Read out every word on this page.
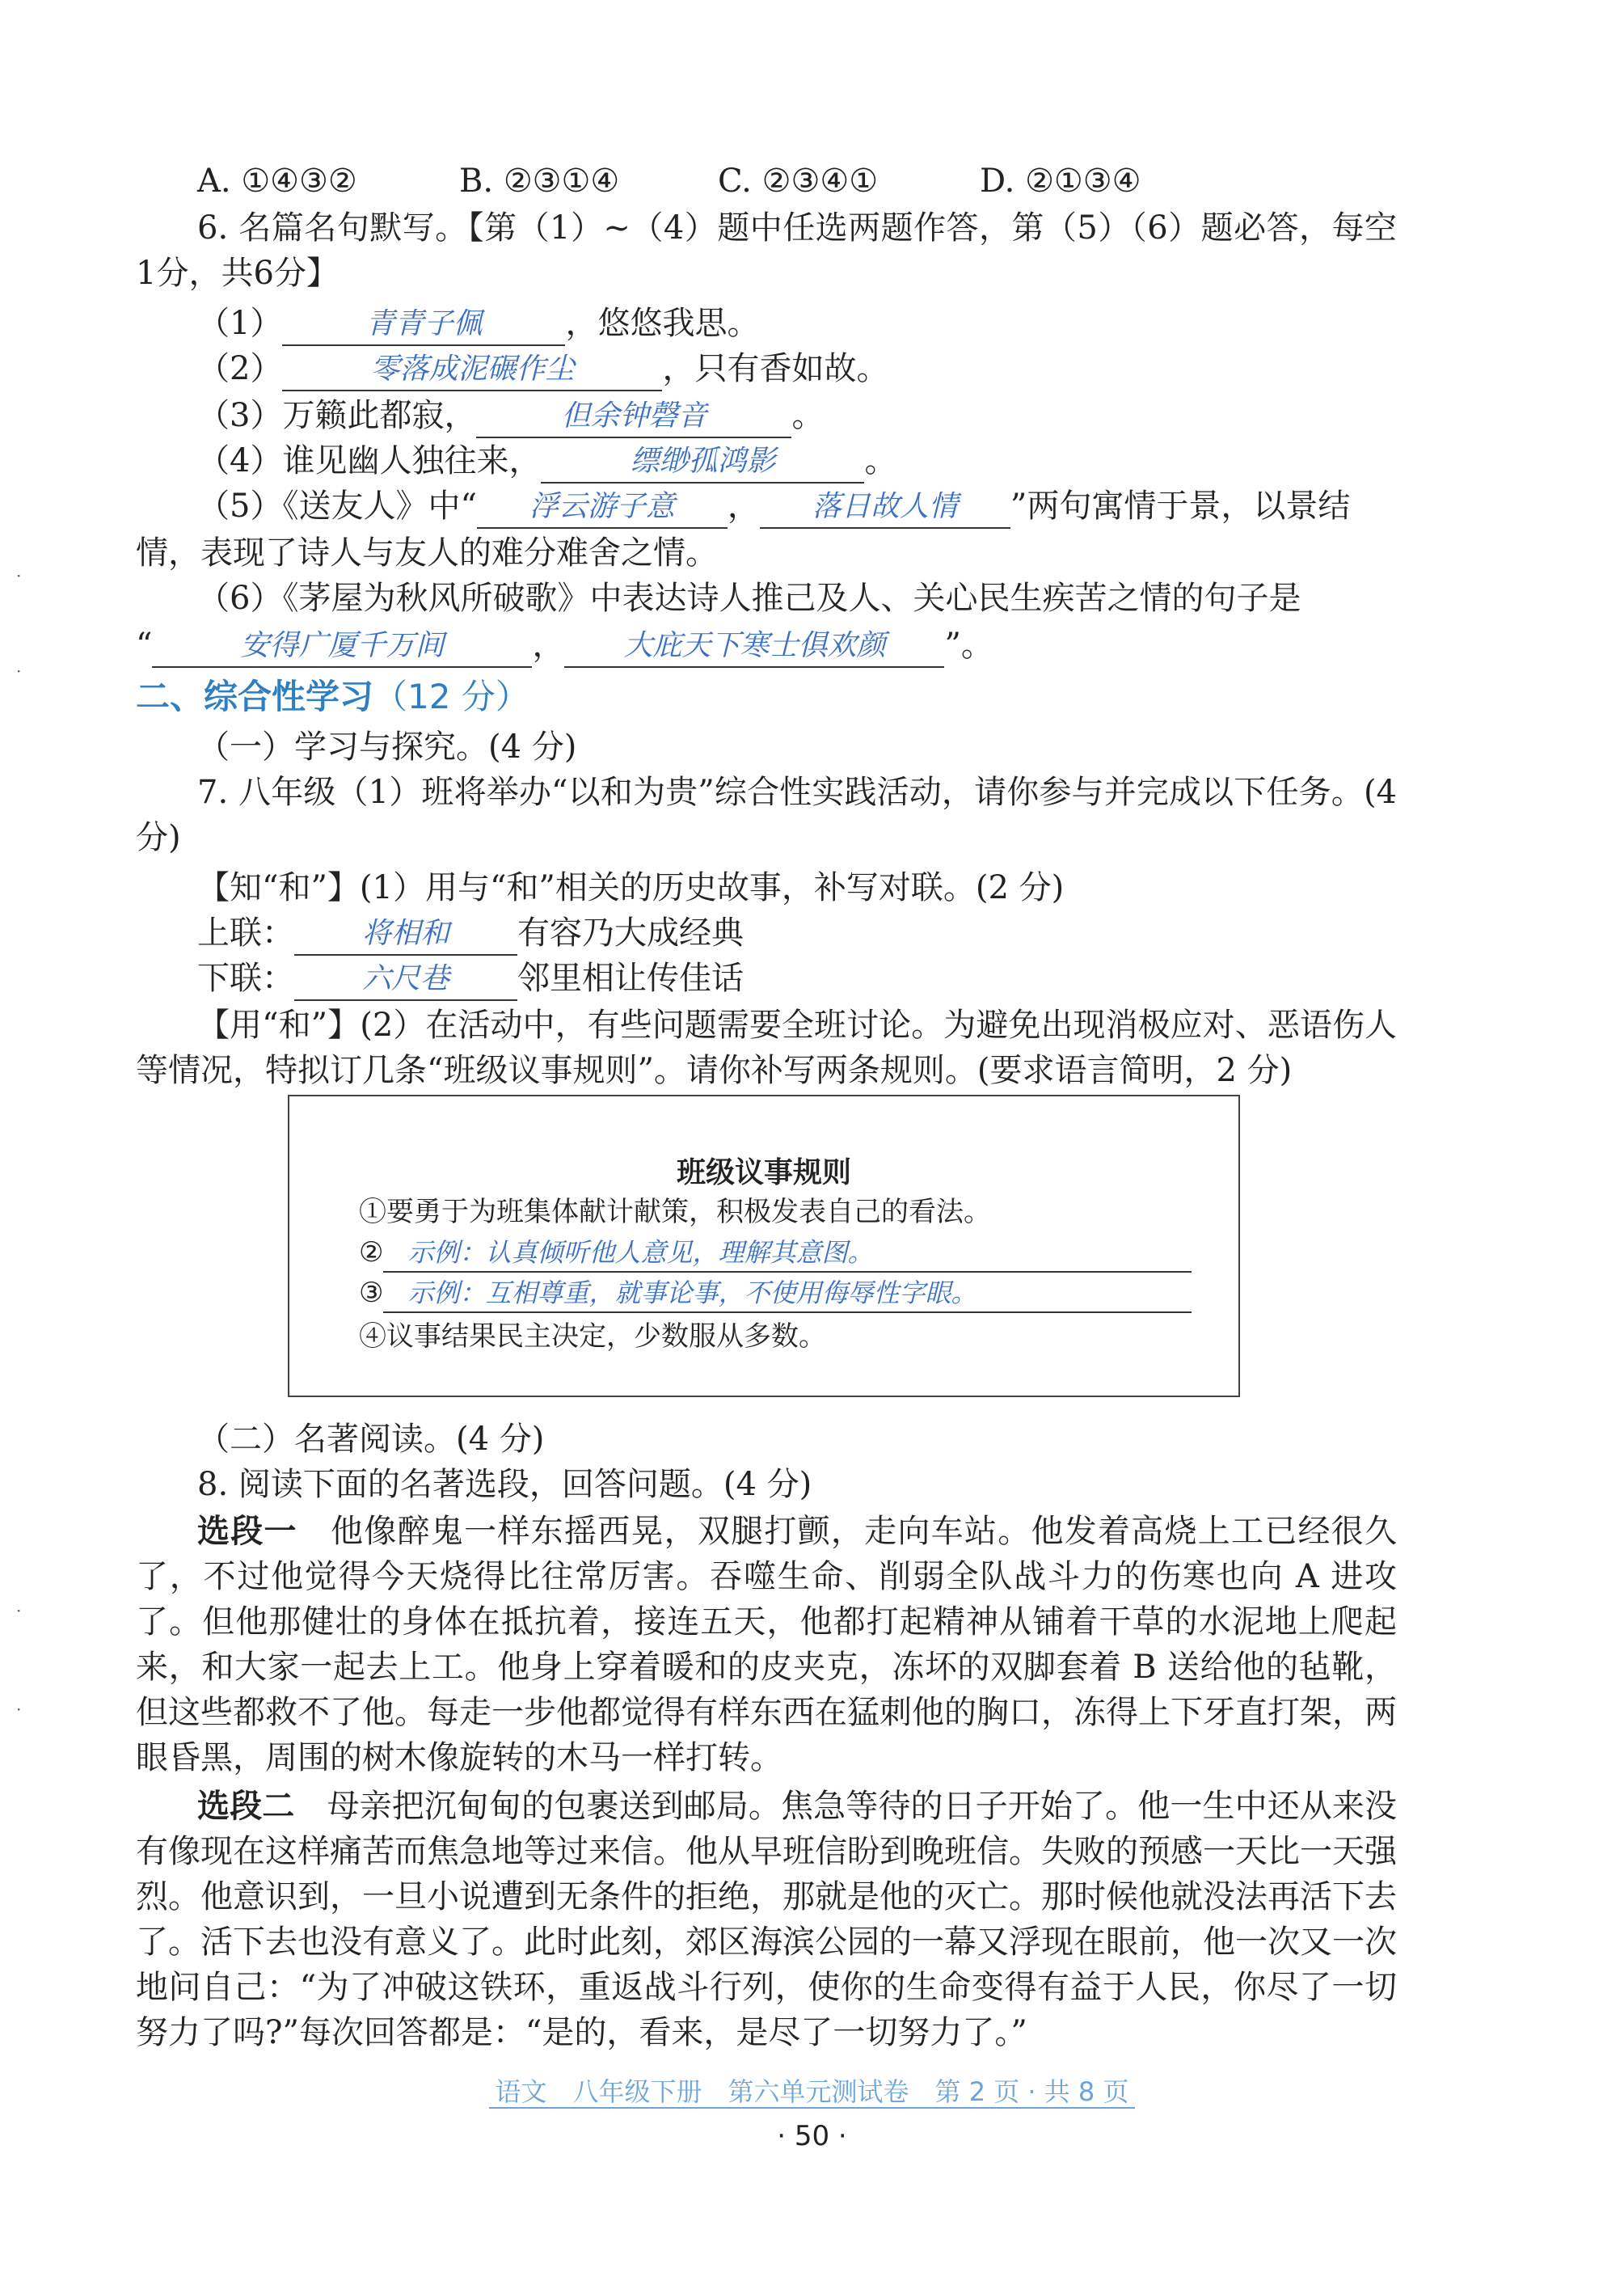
A. ①④③②	B. ②③①④	C. ②③④①	D. ②①③④
6. 名篇名句默写。【第（1）~（4）题中任选两题作答，第（5）（6）题必答，每空1分，共6分】
（1）	青青子佩	，悠悠我思。
（2）	零落成泥碾作尘	，只有香如故。
（3）万籁此都寂，	但余钟磬音	。
（4）谁见幽人独往来，	缥缈孤鸿影	。
（5）《送友人》中“ 浮云游子意 ， 落日故人情 ”两句寓情于景，以景结
情，表现了诗人与友人的难分难舍之情。
（6）《茅屋为秋风所破歌》中表达诗人推己及人、关心民生疾苦之情的句子是
“	安得广厦千万间	， 大庇天下寒士俱欢颜 ”。
二、综合性学习（12 分）
（一）学习与探究。(4 分)
7. 八年级（1）班将举办“以和为贵”综合性实践活动，请你参与并完成以下任务。(4 分)
【知“和”】(1）用与“和”相关的历史故事，补写对联。(2 分)
上联： 将相和 有容乃大成经典
下联： 六尺巷 邻里相让传佳话
【用“和”】(2）在活动中，有些问题需要全班讨论。为避免出现消极应对、恶语伤人等情况，特拟订几条“班级议事规则”。请你补写两条规则。(要求语言简明，2 分)
班级议事规则
①要勇于为班集体献计献策，积极发表自己的看法。
② 示例：认真倾听他人意见，理解其意图。
③ 示例：互相尊重，就事论事，不使用侮辱性字眼。
④议事结果民主决定，少数服从多数。
（二）名著阅读。(4 分)
8. 阅读下面的名著选段，回答问题。(4 分)
选段一　 他像醉鬼一样东摇西晃，双腿打颤，走向车站。他发着高烧上工已经很久了，不过他觉得今天烧得比往常厉害。吞噬生命、削弱全队战斗力的伤寒也向 A 进攻了。但他那健壮的身体在抵抗着，接连五天，他都打起精神从铺着干草的水泥地上爬起来，和大家一起去上工。他身上穿着暖和的皮夹克，冻坏的双脚套着 B 送给他的毡靴，但这些都救不了他。每走一步他都觉得有样东西在猛刺他的胸口，冻得上下牙直打架，两眼昏黑，周围的树木像旋转的木马一样打转。
选段二　 母亲把沉甸甸的包裹送到邮局。焦急等待的日子开始了。他一生中还从来没有像现在这样痛苦而焦急地等过来信。他从早班信盼到晚班信。失败的预感一天比一天强烈。他意识到，一旦小说遭到无条件的拒绝，那就是他的灭亡。那时候他就没法再活下去了。活下去也没有意义了。此时此刻，郊区海滨公园的一幕又浮现在眼前，他一次又一次地问自己：“为了冲破这铁环，重返战斗行列，使你的生命变得有益于人民，你尽了一切努力了吗?”每次回答都是：“是的，看来，是尽了一切努力了。”
语文　八年级下册　第六单元测试卷　第 2 页 · 共 8 页
· 50 ·
·
·
·
·
